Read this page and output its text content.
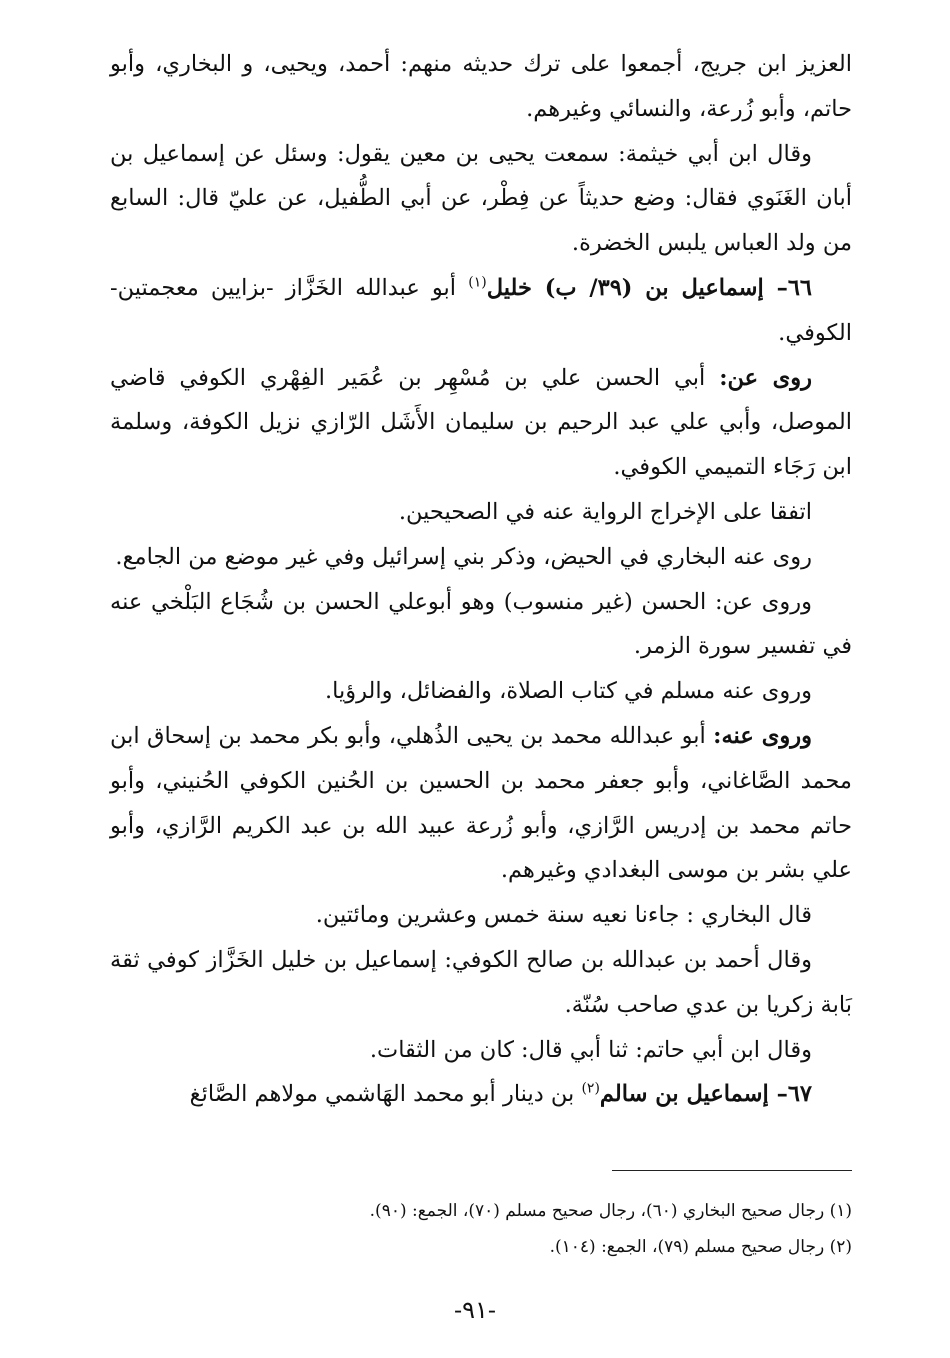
العزيز ابن جريج، أجمعوا على ترك حديثه منهم: أحمد، ويحيى، و البخاري، وأبو حاتم، وأبو زُرعة، والنسائي وغيرهم.

وقال ابن أبي خيثمة: سمعت يحيى بن معين يقول: وسئل عن إسماعيل بن أبان الغَنَوي فقال: وضع حديثاً عن فِطْر، عن أبي الطُّفيل، عن عليّ قال: السابع من ولد العباس يلبس الخضرة.

٦٦– إسماعيل بن (٣٩/ ب) خليل$^{(١)}$ أبو عبدالله الخَزَّاز -بزايين معجمتين- الكوفي.

روى عن: أبي الحسن علي بن مُسْهِر بن عُمَير الفِهْري الكوفي قاضي الموصل، وأبي علي عبد الرحيم بن سليمان الأَشَل الرّازي نزيل الكوفة، وسلمة ابن رَجَاء التميمي الكوفي.

اتفقا على الإخراج الرواية عنه في الصحيحين.

روى عنه البخاري في الحيض، وذكر بني إسرائيل وفي غير موضع من الجامع.

وروى عن: الحسن (غير منسوب) وهو أبوعلي الحسن بن شُجَاع البَلْخي عنه في تفسير سورة الزمر.

وروى عنه مسلم في كتاب الصلاة، والفضائل، والرؤيا.

وروى عنه: أبو عبدالله محمد بن يحيى الذُهلي، وأبو بكر محمد بن إسحاق ابن محمد الصَّاغاني، وأبو جعفر محمد بن الحسين بن الحُنين الكوفي الحُنيني، وأبو حاتم محمد بن إدريس الرَّازي، وأبو زُرعة عبيد الله بن عبد الكريم الرَّازي، وأبو علي بشر بن موسى البغدادي وغيرهم.

قال البخاري : جاءنا نعيه سنة خمس وعشرين ومائتين.

وقال أحمد بن عبدالله بن صالح الكوفي: إسماعيل بن خليل الخَزَّاز كوفي ثقة بَابة زكريا بن عدي صاحب سُنّة.

وقال ابن أبي حاتم: ثنا أبي قال: كان من الثقات.

٦٧– إسماعيل بن سالم$^{(٢)}$ بن دينار أبو محمد الهَاشمي مولاهم الصَّائغ

(١) رجال صحيح البخاري (٦٠)، رجال صحيح مسلم (٧٠)، الجمع: (٩٠).

(٢) رجال صحيح مسلم (٧٩)، الجمع: (١٠٤).

-٩١-
